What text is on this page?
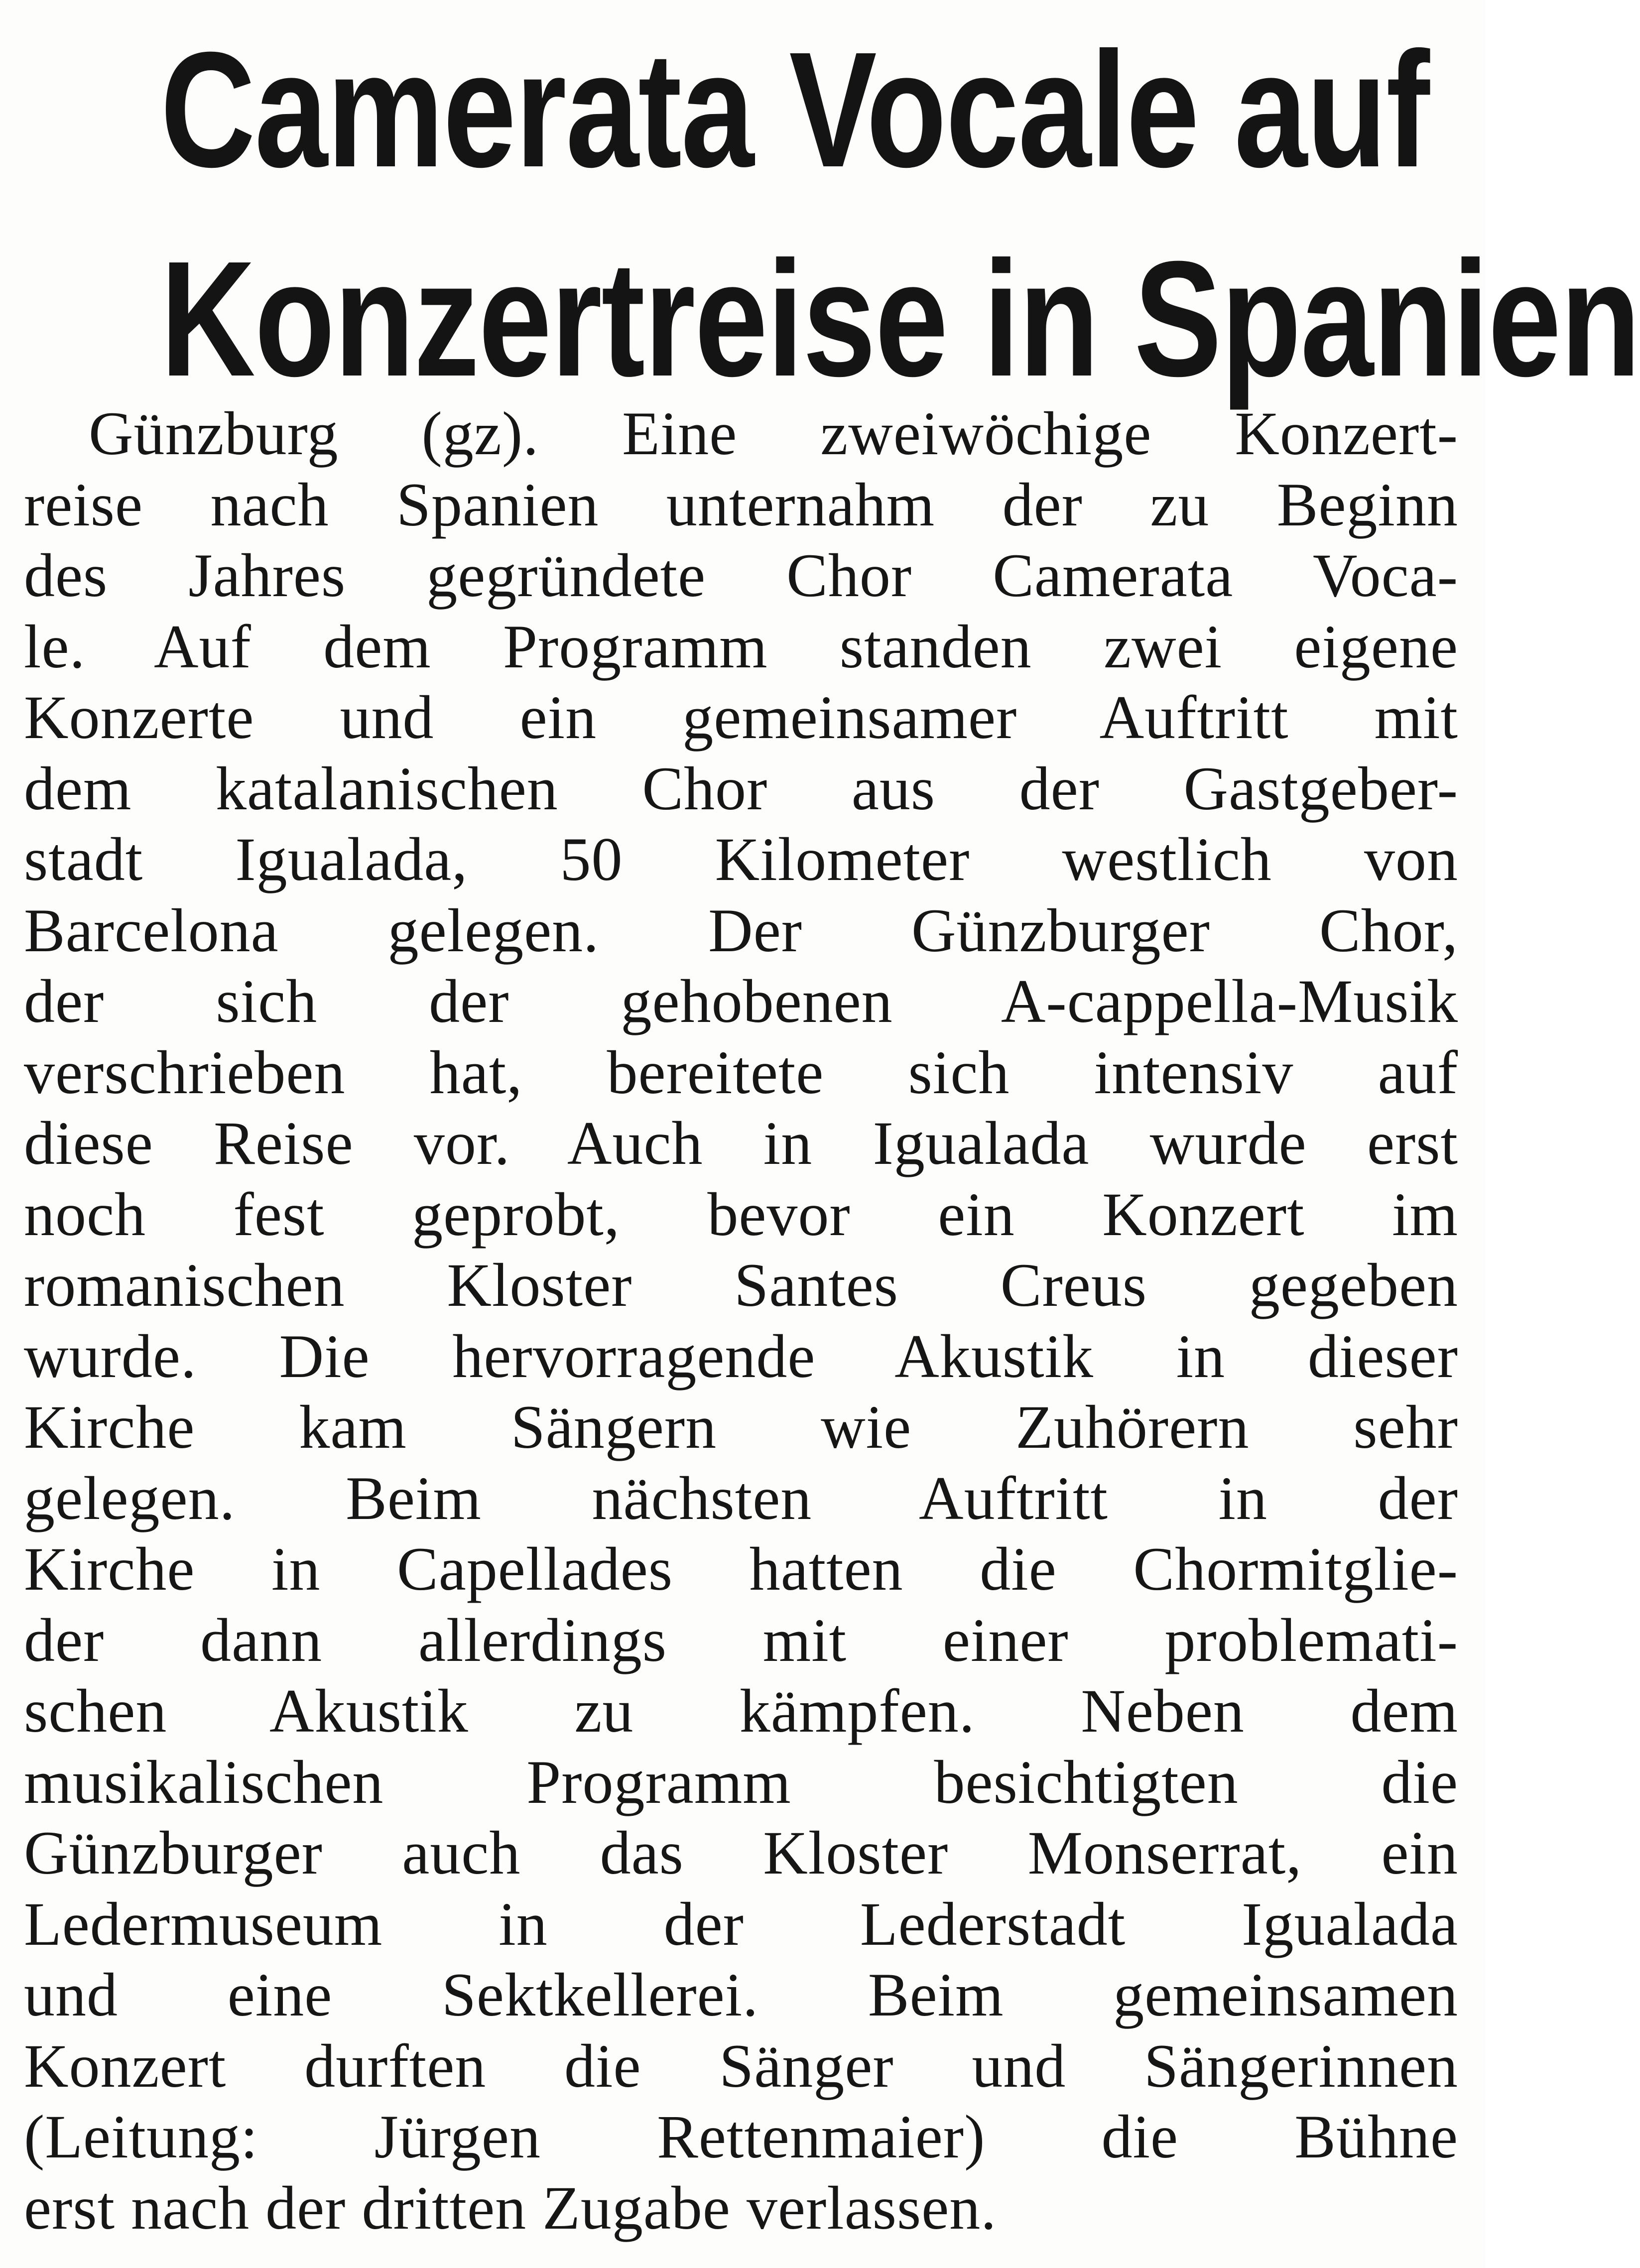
Camerata Vocale auf
Konzertreise in Spanien
Günzburg (gz). Eine zweiwöchige Konzert-
reise nach Spanien unternahm der zu Beginn
des Jahres gegründete Chor Camerata Voca-
le. Auf dem Programm standen zwei eigene
Konzerte und ein gemeinsamer Auftritt mit
dem katalanischen Chor aus der Gastgeber-
stadt Igualada, 50 Kilometer westlich von
Barcelona gelegen. Der Günzburger Chor,
der sich der gehobenen A-cappella-Musik
verschrieben hat, bereitete sich intensiv auf
diese Reise vor. Auch in Igualada wurde erst
noch fest geprobt, bevor ein Konzert im
romanischen Kloster Santes Creus gegeben
wurde. Die hervorragende Akustik in dieser
Kirche kam Sängern wie Zuhörern sehr
gelegen. Beim nächsten Auftritt in der
Kirche in Capellades hatten die Chormitglie-
der dann allerdings mit einer problemati-
schen Akustik zu kämpfen. Neben dem
musikalischen Programm besichtigten die
Günzburger auch das Kloster Monserrat, ein
Ledermuseum in der Lederstadt Igualada
und eine Sektkellerei. Beim gemeinsamen
Konzert durften die Sänger und Sängerinnen
(Leitung: Jürgen Rettenmaier) die Bühne
erst nach der dritten Zugabe verlassen.
